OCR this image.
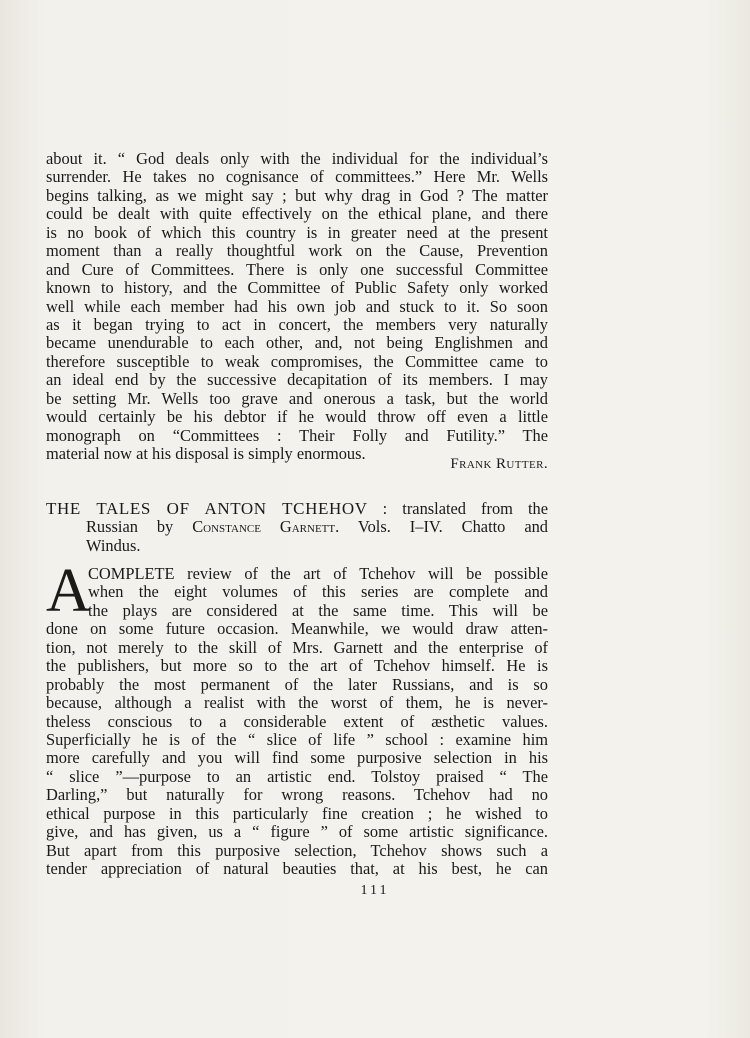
about it. “ God deals only with the individual for the individual’s
surrender. He takes no cognisance of committees.” Here Mr. Wells
begins talking, as we might say ; but why drag in God ? The matter
could be dealt with quite effectively on the ethical plane, and there
is no book of which this country is in greater need at the present
moment than a really thoughtful work on the Cause, Prevention
and Cure of Committees. There is only one successful Committee
known to history, and the Committee of Public Safety only worked
well while each member had his own job and stuck to it. So soon
as it began trying to act in concert, the members very naturally
became unendurable to each other, and, not being Englishmen and
therefore susceptible to weak compromises, the Committee came to
an ideal end by the successive decapitation of its members. I may
be setting Mr. Wells too grave and onerous a task, but the world
would certainly be his debtor if he would throw off even a little
monograph on “Committees : Their Folly and Futility.” The
material now at his disposal is simply enormous.

Frank Rutter.
THE TALES OF ANTON TCHEHOV : translated from the
Russian by Constance Garnett. Vols. I–IV. Chatto and
Windus.
A
COMPLETE review of the art of Tchehov will be possible
when the eight volumes of this series are complete and
the plays are considered at the same time. This will be
done on some future occasion. Meanwhile, we would draw atten-
tion, not merely to the skill of Mrs. Garnett and the enterprise of
the publishers, but more so to the art of Tchehov himself. He is
probably the most permanent of the later Russians, and is so
because, although a realist with the worst of them, he is never-
theless conscious to a considerable extent of æsthetic values.
Superficially he is of the “ slice of life ” school : examine him
more carefully and you will find some purposive selection in his
“ slice ”—purpose to an artistic end. Tolstoy praised “ The
Darling,” but naturally for wrong reasons. Tchehov had no
ethical purpose in this particularly fine creation ; he wished to
give, and has given, us a “ figure ” of some artistic significance.
But apart from this purposive selection, Tchehov shows such a
tender appreciation of natural beauties that, at his best, he can
111
